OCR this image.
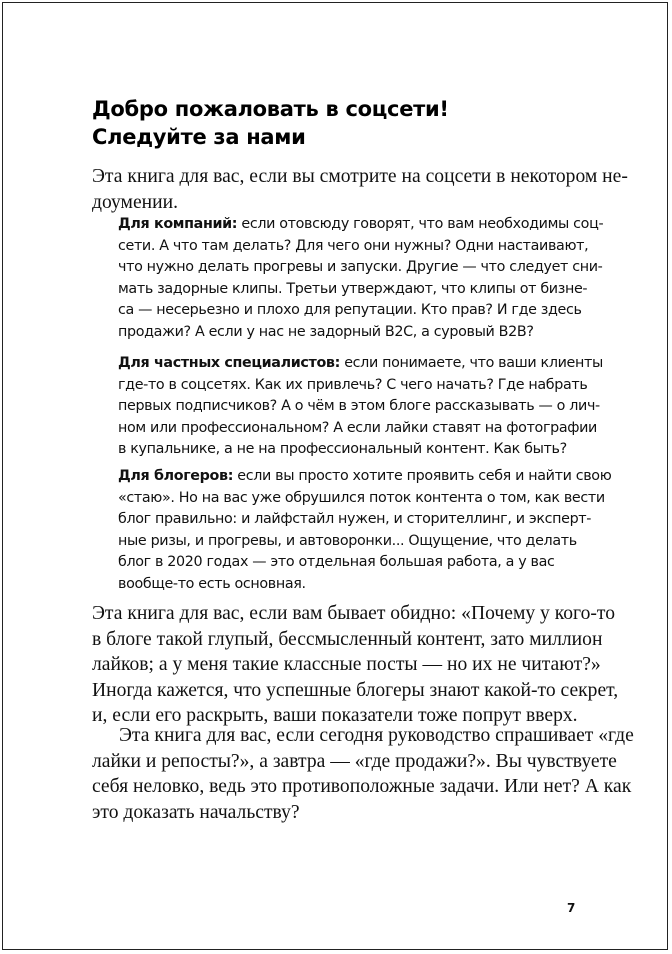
Добро пожаловать в соцсети!
Следуйте за нами
Эта книга для вас, если вы смотрите на соцсети в некотором не-
доумении.
Для компаний: если отовсюду говорят, что вам необходимы соц-
сети. А что там делать? Для чего они нужны? Одни настаивают,
что нужно делать прогревы и запуски. Другие — что следует сни-
мать задорные клипы. Третьи утверждают, что клипы от бизне-
са — несерьезно и плохо для репутации. Кто прав? И где здесь
продажи? А если у нас не задорный B2C, а суровый B2B?
Для частных специалистов: если понимаете, что ваши клиенты
где-то в соцсетях. Как их привлечь? С чего начать? Где набрать
первых подписчиков? А о чём в этом блоге рассказывать — о лич-
ном или профессиональном? А если лайки ставят на фотографии
в купальнике, а не на профессиональный контент. Как быть?
Для блогеров: если вы просто хотите проявить себя и найти свою
«стаю». Но на вас уже обрушился поток контента о том, как вести
блог правильно: и лайфстайл нужен, и сторителлинг, и эксперт-
ные ризы, и прогревы, и автоворонки... Ощущение, что делать
блог в 2020 годах — это отдельная большая работа, а у вас
вообще-то есть основная.
Эта книга для вас, если вам бывает обидно: «Почему у кого-то
в блоге такой глупый, бессмысленный контент, зато миллион
лайков; а у меня такие классные посты — но их не читают?»
Иногда кажется, что успешные блогеры знают какой-то секрет,
и, если его раскрыть, ваши показатели тоже попрут вверх.
Эта книга для вас, если сегодня руководство спрашивает «где
лайки и репосты?», а завтра — «где продажи?». Вы чувствуете
себя неловко, ведь это противоположные задачи. Или нет? А как
это доказать начальству?
7
